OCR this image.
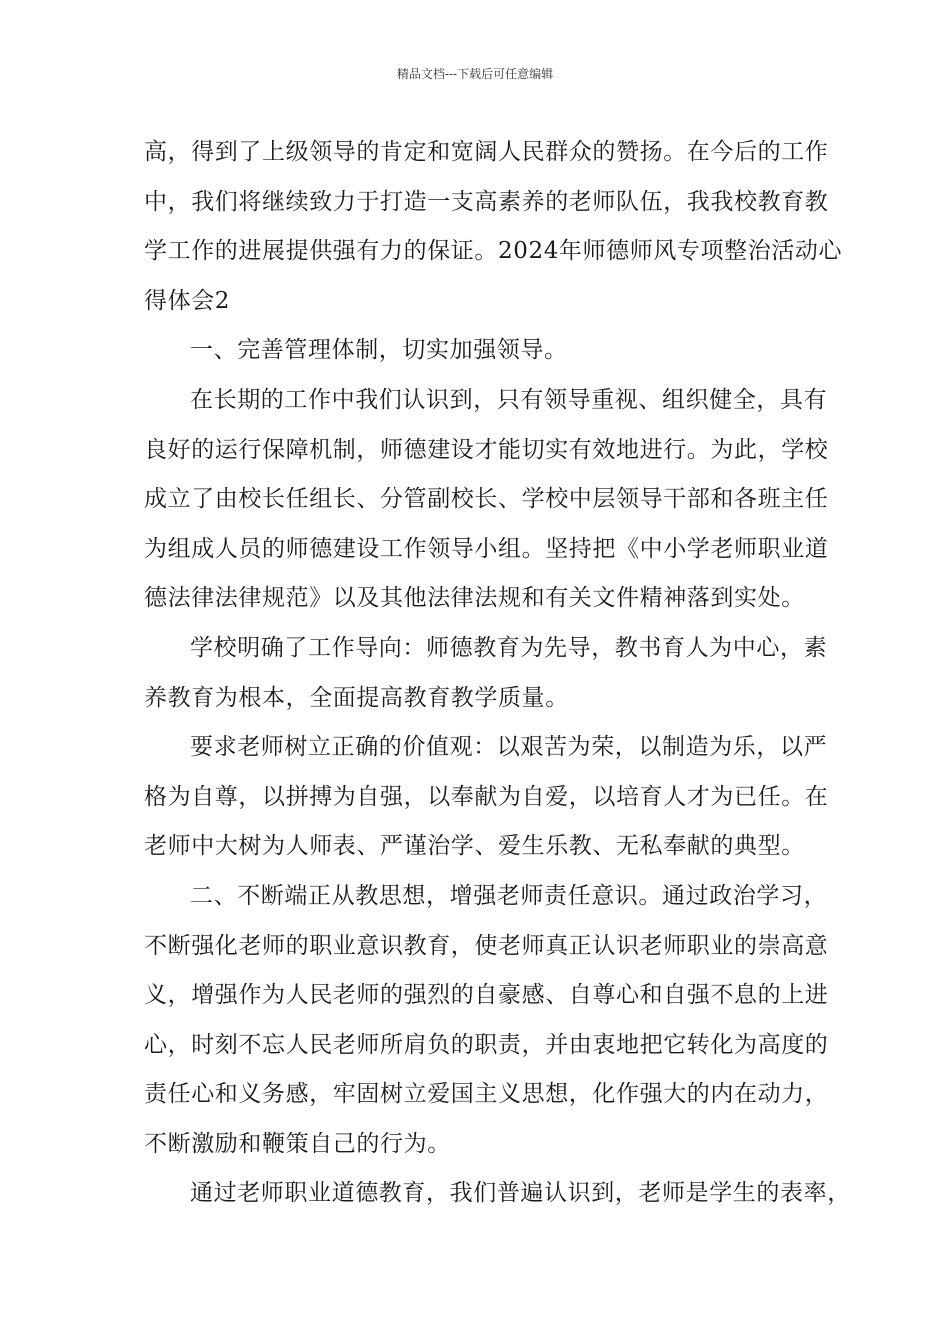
精品文档---下载后可任意编辑
高，得到了上级领导的肯定和宽阔人民群众的赞扬。在今后的工作
中，我们将继续致力于打造一支高素养的老师队伍，我我校教育教
学工作的进展提供强有力的保证。2024年师德师风专项整治活动心
得体会2
一、完善管理体制，切实加强领导。
在长期的工作中我们认识到，只有领导重视、组织健全，具有
良好的运行保障机制，师德建设才能切实有效地进行。为此，学校
成立了由校长任组长、分管副校长、学校中层领导干部和各班主任
为组成人员的师德建设工作领导小组。坚持把《中小学老师职业道
德法律法律规范》以及其他法律法规和有关文件精神落到实处。
学校明确了工作导向：师德教育为先导，教书育人为中心，素
养教育为根本，全面提高教育教学质量。
要求老师树立正确的价值观：以艰苦为荣，以制造为乐，以严
格为自尊，以拼搏为自强，以奉献为自爱，以培育人才为已任。在
老师中大树为人师表、严谨治学、爱生乐教、无私奉献的典型。
二、不断端正从教思想，增强老师责任意识。通过政治学习，
不断强化老师的职业意识教育，使老师真正认识老师职业的崇高意
义，增强作为人民老师的强烈的自豪感、自尊心和自强不息的上进
心，时刻不忘人民老师所肩负的职责，并由衷地把它转化为高度的
责任心和义务感，牢固树立爱国主义思想，化作强大的内在动力，
不断激励和鞭策自己的行为。
通过老师职业道德教育，我们普遍认识到，老师是学生的表率，
